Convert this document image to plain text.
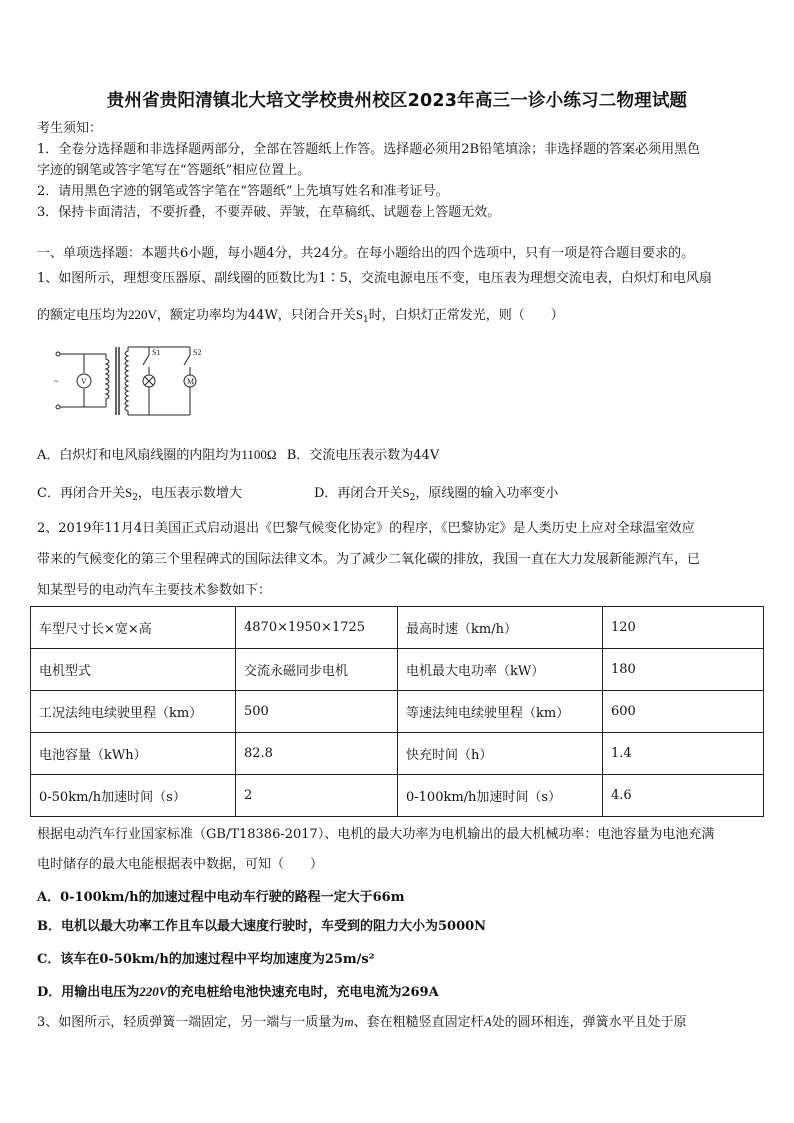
贵州省贵阳清镇北大培文学校贵州校区2023年高三一诊小练习二物理试题
考生须知：
1．全卷分选择题和非选择题两部分，全部在答题纸上作答。选择题必须用2B铅笔填涂；非选择题的答案必须用黑色
字迹的钢笔或答字笔写在“答题纸”相应位置上。
2．请用黑色字迹的钢笔或答字笔在“答题纸”上先填写姓名和准考证号。
3．保持卡面清洁，不要折叠，不要弄破、弄皱，在草稿纸、试题卷上答题无效。
一、单项选择题：本题共6小题，每小题4分，共24分。在每小题给出的四个选项中，只有一项是符合题目要求的。
1、如图所示，理想变压器原、副线圈的匝数比为1∶5，交流电源电压不变，电压表为理想交流电表，白炽灯和电风扇
的额定电压均为220V，额定功率均为44W，只闭合开关$S_1$时，白炽灯正常发光，则（　　）
V	M
S1	S2
~
A．白炽灯和电风扇线圈的内阻均为1100Ω B．交流电压表示数为44V
C．再闭合开关$S_2$，电压表示数增大	D．再闭合开关$S_2$，原线圈的输入功率变小
2、2019年11月4日美国正式启动退出《巴黎气候变化协定》的程序，《巴黎协定》是人类历史上应对全球温室效应
带来的气候变化的第三个里程碑式的国际法律文本。为了减少二氧化碳的排放，我国一直在大力发展新能源汽车，已
知某型号的电动汽车主要技术参数如下：
车型尺寸长×宽×高	4870×1950×1725	最高时速（km/h）	120
电机型式	交流永磁同步电机	电机最大电功率（kW）	180
工况法纯电续驶里程（km）	500	等速法纯电续驶里程（km）	600
电池容量（kWh）	82.8	快充时间（h）	1.4
0-50km/h加速时间（s）	2	0-100km/h加速时间（s）	4.6
根据电动汽车行业国家标准（GB/T18386-2017）、电机的最大功率为电机输出的最大机械功率：电池容量为电池充满
电时储存的最大电能根据表中数据，可知（　　）
A．0-100km/h的加速过程中电动车行驶的路程一定大于66m
B．电机以最大功率工作且车以最大速度行驶时，车受到的阻力大小为5000N
C．该车在0-50km/h的加速过程中平均加速度为25m/s²
D．用输出电压为220V的充电桩给电池快速充电时，充电电流为269A
3、如图所示，轻质弹簧一端固定，另一端与一质量为m、套在粗糙竖直固定杆A处的圆环相连，弹簧水平且处于原
